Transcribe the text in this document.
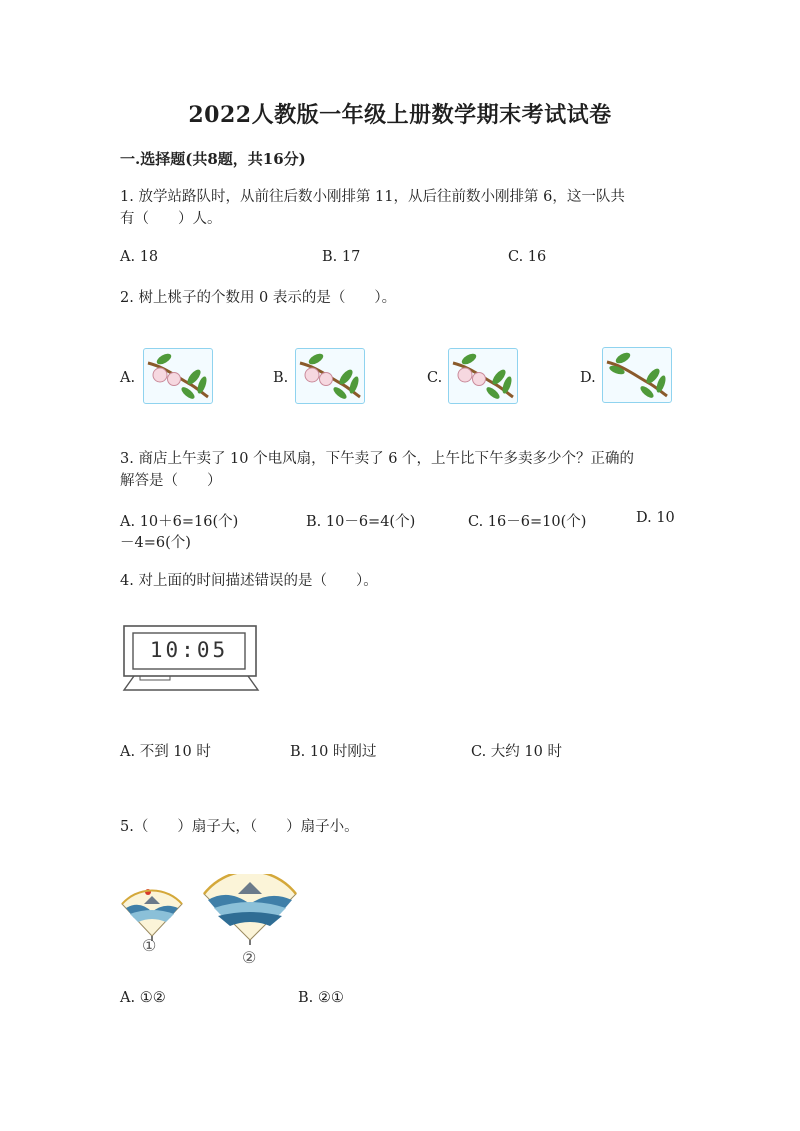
2022人教版一年级上册数学期末考试试卷
一.选择题(共8题，共16分)
1. 放学站路队时，从前往后数小刚排第 11，从后往前数小刚排第 6，这一队共
有（　　）人。
A. 18	B. 17	C. 16
2. 树上桃子的个数用 0 表示的是（　　）。
A.	B.	C.	D.
3. 商店上午卖了 10 个电风扇，下午卖了 6 个，上午比下午多卖多少个？正确的
解答是（　　）
A. 10＋6=16(个)	B. 10－6=4(个)	C. 16－6=10(个)	D. 10
－4=6(个)
4. 对上面的时间描述错误的是（　　）。
10:05
A. 不到 10 时	B. 10 时刚过	C. 大约 10 时
5.（　　）扇子大，（　　）扇子小。
①
②
A. ①②	B. ②①
